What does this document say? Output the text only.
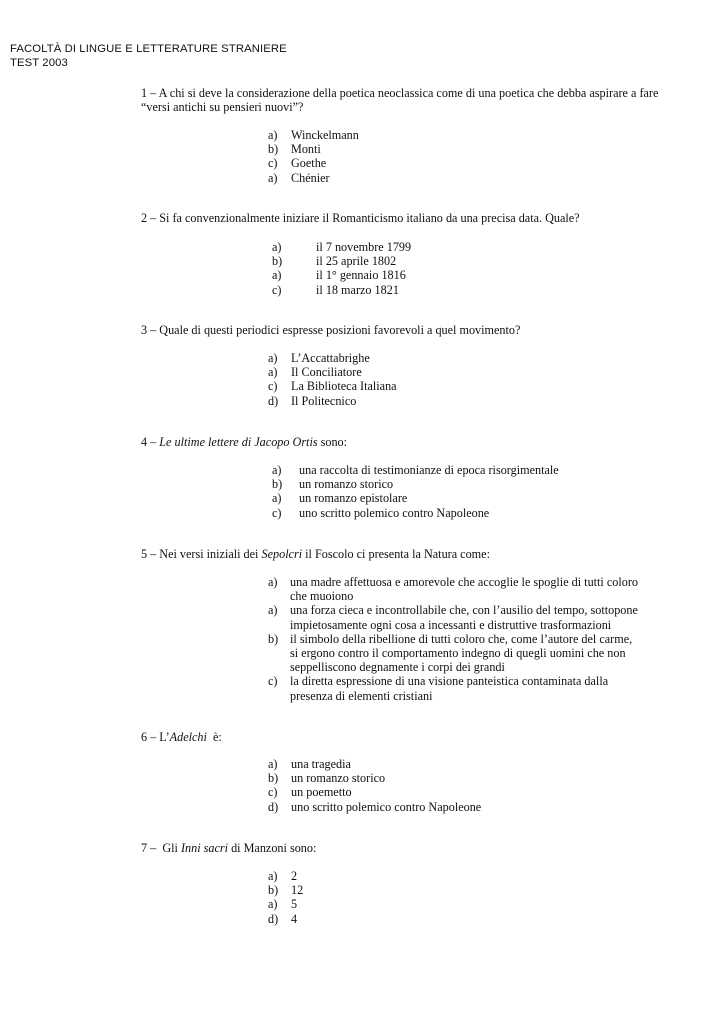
FACOLTÀ DI LINGUE E LETTERATURE STRANIERE
TEST 2003
1 – A chi si deve la considerazione della poetica neoclassica come di una poetica che debba aspirare a fare “versi antichi su pensieri nuovi”?
a) Winckelmann
b) Monti
c) Goethe
a) Chénier
2 – Si fa convenzionalmente iniziare il Romanticismo italiano da una precisa data. Quale?
a)	il 7 novembre 1799
b)	il 25 aprile 1802
a)	il 1° gennaio 1816
c)	il 18 marzo 1821
3 – Quale di questi periodici espresse posizioni favorevoli a quel movimento?
a) L’Accattabrighe
a) Il Conciliatore
c) La Biblioteca Italiana
d) Il Politecnico
4 – Le ultime lettere di Jacopo Ortis sono:
a) una raccolta di testimonianze di epoca risorgimentale
b) un romanzo storico
a) un romanzo epistolare
c) uno scritto polemico contro Napoleone
5 – Nei versi iniziali dei Sepolcri il Foscolo ci presenta la Natura come:
a) una madre affettuosa e amorevole che accoglie le spoglie di tutti coloro che muoiono
a) una forza cieca e incontrollabile che, con l’ausilio del tempo, sottopone impietosamente ogni cosa a incessanti e distruttive trasformazioni
b) il simbolo della ribellione di tutti coloro che, come l’autore del carme, si ergono contro il comportamento indegno di quegli uomini che non seppelliscono degnamente i corpi dei grandi
c) la diretta espressione di una visione panteistica contaminata dalla presenza di elementi cristiani
6 – L’Adelchi  è:
a) una tragedia
b) un romanzo storico
c) un poemetto
d) uno scritto polemico contro Napoleone
7 –  Gli Inni sacri di Manzoni sono:
a) 2
b) 12
a) 5
d) 4
